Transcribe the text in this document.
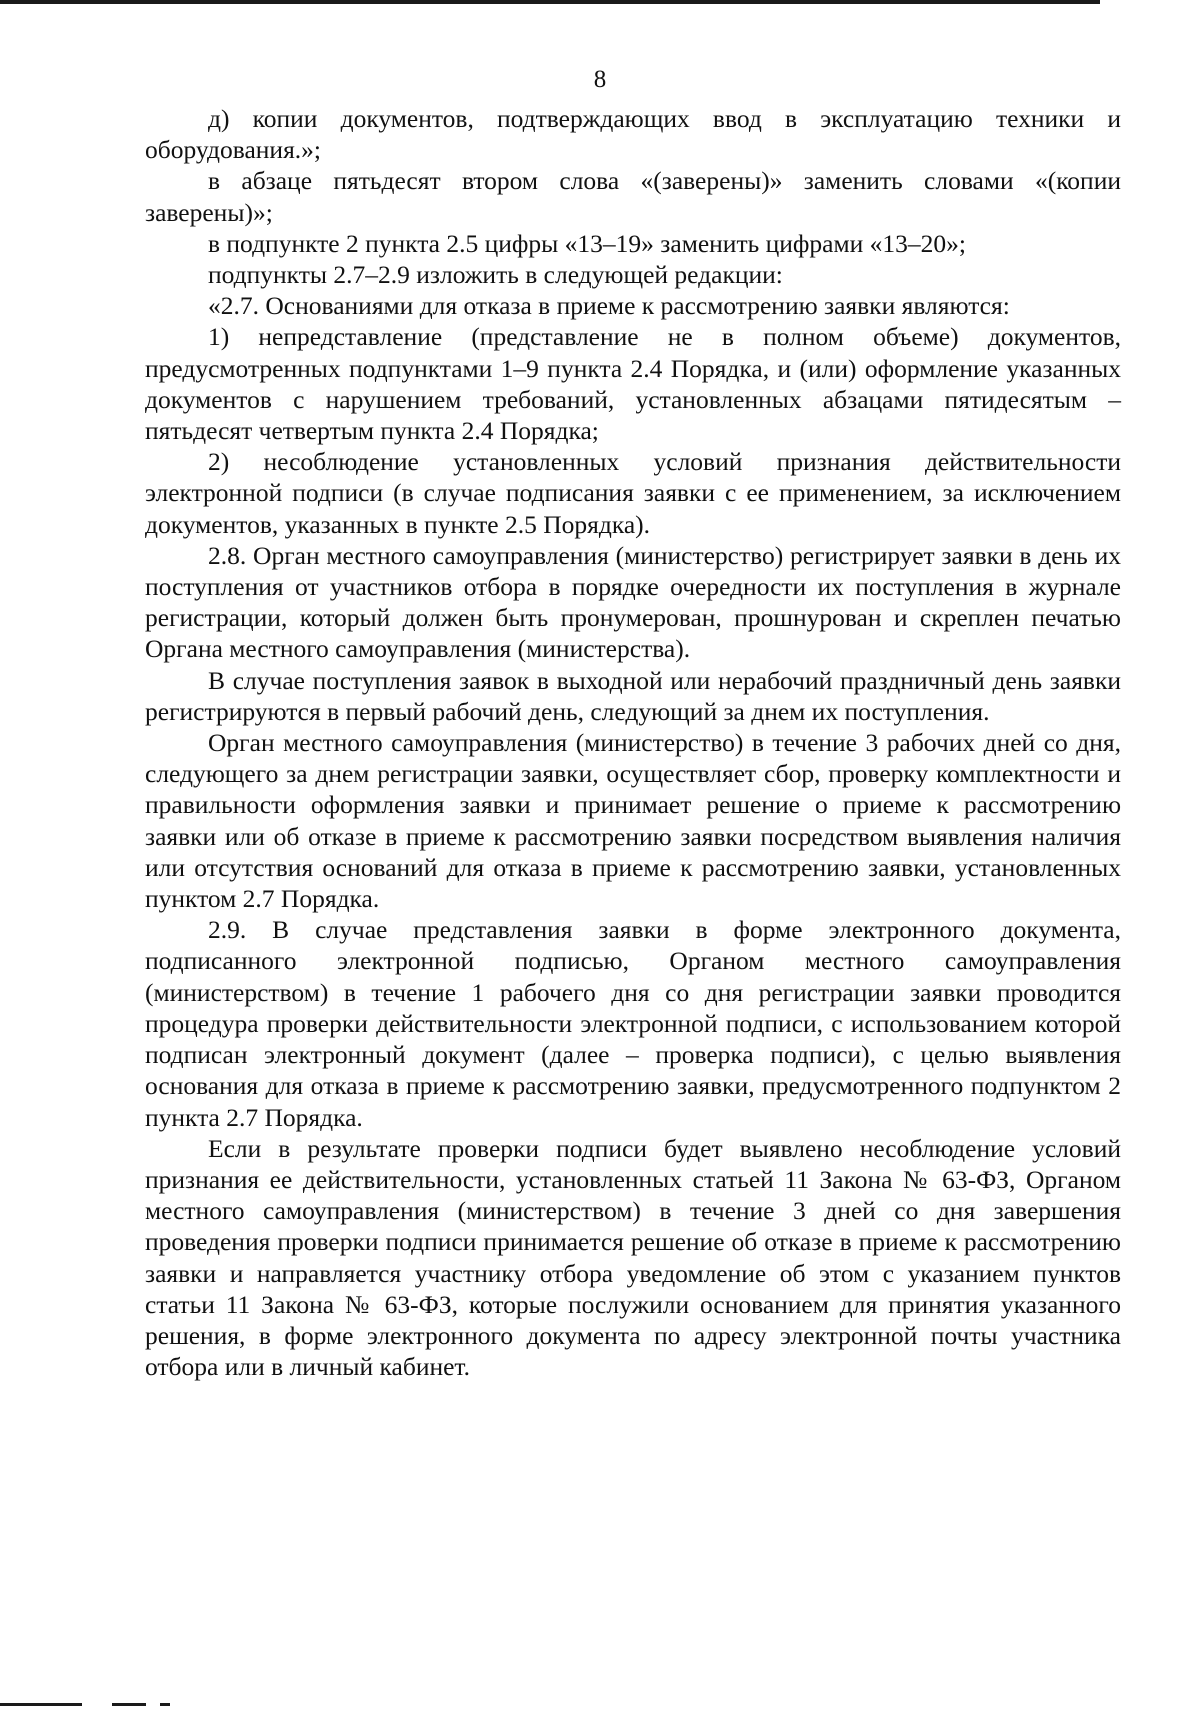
8

д) копии документов, подтверждающих ввод в эксплуатацию техники и оборудования.»;

в абзаце пятьдесят втором слова «(заверены)» заменить словами «(копии заверены)»;

в подпункте 2 пункта 2.5 цифры «13–19» заменить цифрами «13–20»;

подпункты 2.7–2.9 изложить в следующей редакции:

«2.7. Основаниями для отказа в приеме к рассмотрению заявки являются:

1) непредставление (представление не в полном объеме) документов, предусмотренных подпунктами 1–9 пункта 2.4 Порядка, и (или) оформление указанных документов с нарушением требований, установленных абзацами пятидесятым – пятьдесят четвертым пункта 2.4 Порядка;

2) несоблюдение установленных условий признания действительности электронной подписи (в случае подписания заявки с ее применением, за исключением документов, указанных в пункте 2.5 Порядка).

2.8. Орган местного самоуправления (министерство) регистрирует заявки в день их поступления от участников отбора в порядке очередности их поступления в журнале регистрации, который должен быть пронумерован, прошнурован и скреплен печатью Органа местного самоуправления (министерства).

В случае поступления заявок в выходной или нерабочий праздничный день заявки регистрируются в первый рабочий день, следующий за днем их поступления.

Орган местного самоуправления (министерство) в течение 3 рабочих дней со дня, следующего за днем регистрации заявки, осуществляет сбор, проверку комплектности и правильности оформления заявки и принимает решение о приеме к рассмотрению заявки или об отказе в приеме к рассмотрению заявки посредством выявления наличия или отсутствия оснований для отказа в приеме к рассмотрению заявки, установленных пунктом 2.7 Порядка.

2.9. В случае представления заявки в форме электронного документа, подписанного электронной подписью, Органом местного самоуправления (министерством) в течение 1 рабочего дня со дня регистрации заявки проводится процедура проверки действительности электронной подписи, с использованием которой подписан электронный документ (далее – проверка подписи), с целью выявления основания для отказа в приеме к рассмотрению заявки, предусмотренного подпунктом 2 пункта 2.7 Порядка.

Если в результате проверки подписи будет выявлено несоблюдение условий признания ее действительности, установленных статьей 11 Закона № 63-ФЗ, Органом местного самоуправления (министерством) в течение 3 дней со дня завершения проведения проверки подписи принимается решение об отказе в приеме к рассмотрению заявки и направляется участнику отбора уведомление об этом с указанием пунктов статьи 11 Закона № 63-ФЗ, которые послужили основанием для принятия указанного решения, в форме электронного документа по адресу электронной почты участника отбора или в личный кабинет.
